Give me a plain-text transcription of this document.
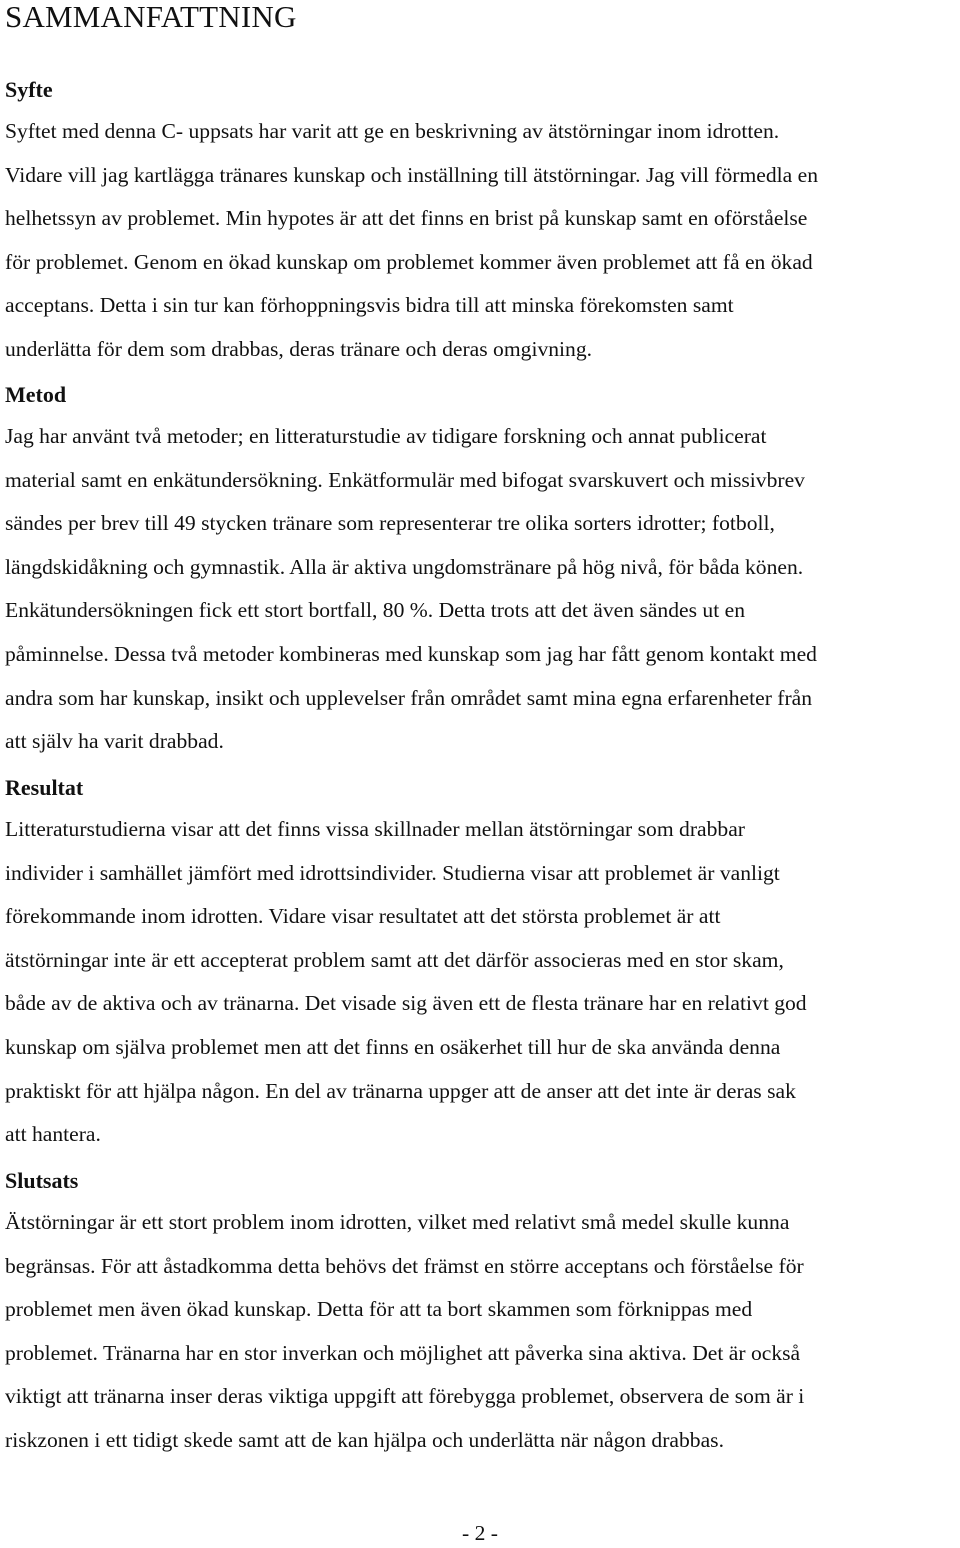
SAMMANFATTNING
Syfte
Syftet med denna C- uppsats har varit att ge en beskrivning av ätstörningar inom idrotten.
Vidare vill jag kartlägga tränares kunskap och inställning till ätstörningar. Jag vill förmedla en
helhetssyn av problemet. Min hypotes är att det finns en brist på kunskap samt en oförståelse
för problemet. Genom en ökad kunskap om problemet kommer även problemet att få en ökad
acceptans. Detta i sin tur kan förhoppningsvis bidra till att minska förekomsten samt
underlätta för dem som drabbas, deras tränare och deras omgivning.
Metod
Jag har använt två metoder; en litteraturstudie av tidigare forskning och annat publicerat
material samt en enkätundersökning. Enkätformulär med bifogat svarskuvert och missivbrev
sändes per brev till 49 stycken tränare som representerar tre olika sorters idrotter; fotboll,
längdskidåkning och gymnastik. Alla är aktiva ungdomstränare på hög nivå, för båda könen.
Enkätundersökningen fick ett stort bortfall, 80 %. Detta trots att det även sändes ut en
påminnelse. Dessa två metoder kombineras med kunskap som jag har fått genom kontakt med
andra som har kunskap, insikt och upplevelser från området samt mina egna erfarenheter från
att själv ha varit drabbad.
Resultat
Litteraturstudierna visar att det finns vissa skillnader mellan ätstörningar som drabbar
individer i samhället jämfört med idrottsindivider. Studierna visar att problemet är vanligt
förekommande inom idrotten. Vidare visar resultatet att det största problemet är att
ätstörningar inte är ett accepterat problem samt att det därför associeras med en stor skam,
både av de aktiva och av tränarna. Det visade sig även ett de flesta tränare har en relativt god
kunskap om själva problemet men att det finns en osäkerhet till hur de ska använda denna
praktiskt för att hjälpa någon. En del av tränarna uppger att de anser att det inte är deras sak
att hantera.
Slutsats
Ätstörningar är ett stort problem inom idrotten, vilket med relativt små medel skulle kunna
begränsas. För att åstadkomma detta behövs det främst en större acceptans och förståelse för
problemet men även ökad kunskap. Detta för att ta bort skammen som förknippas med
problemet. Tränarna har en stor inverkan och möjlighet att påverka sina aktiva. Det är också
viktigt att tränarna inser deras viktiga uppgift att förebygga problemet, observera de som är i
riskzonen i ett tidigt skede samt att de kan hjälpa och underlätta när någon drabbas.
- 2 -
